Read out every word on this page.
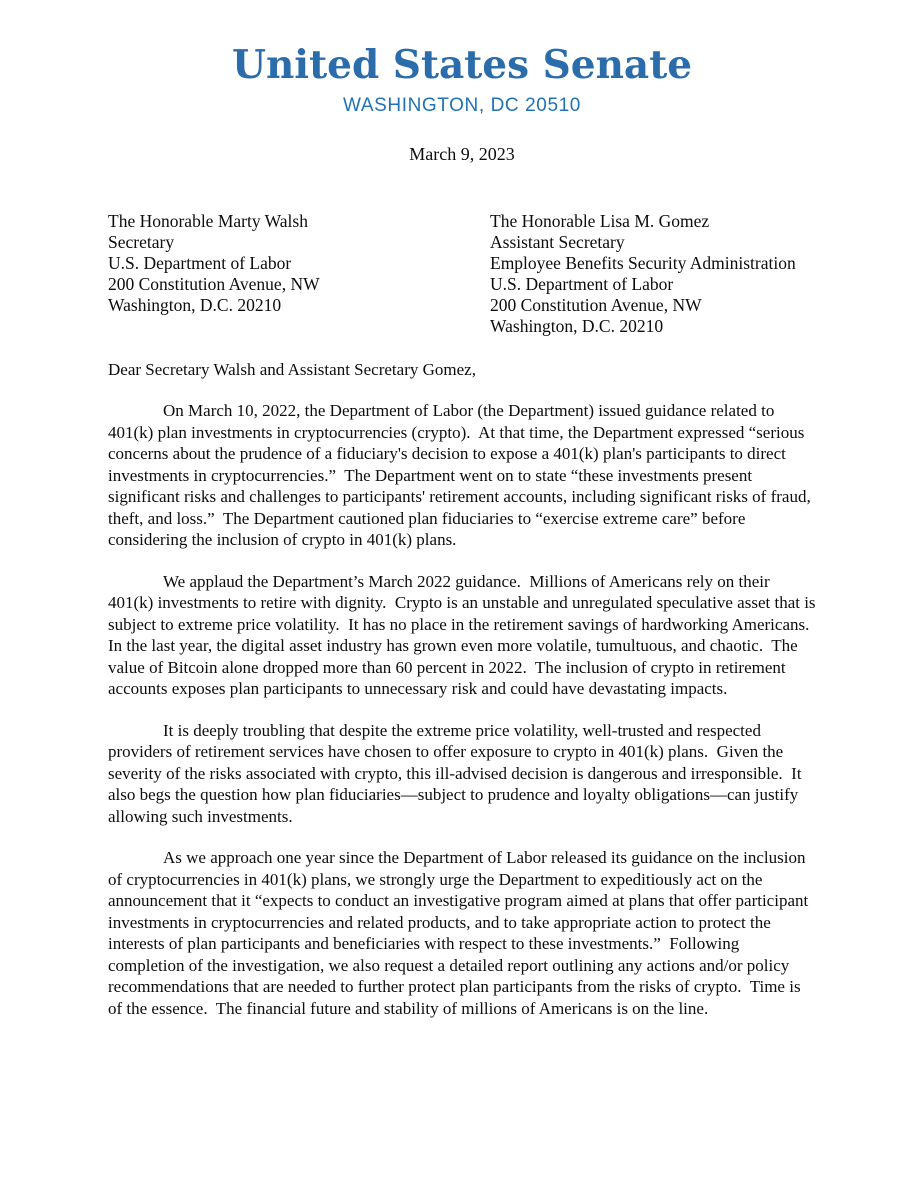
United States Senate
WASHINGTON, DC 20510
March 9, 2023
The Honorable Marty Walsh
Secretary
U.S. Department of Labor
200 Constitution Avenue, NW
Washington, D.C. 20210
The Honorable Lisa M. Gomez
Assistant Secretary
Employee Benefits Security Administration
U.S. Department of Labor
200 Constitution Avenue, NW
Washington, D.C. 20210
Dear Secretary Walsh and Assistant Secretary Gomez,

On March 10, 2022, the Department of Labor (the Department) issued guidance related to 401(k) plan investments in cryptocurrencies (crypto).  At that time, the Department expressed “serious concerns about the prudence of a fiduciary's decision to expose a 401(k) plan's participants to direct investments in cryptocurrencies.”  The Department went on to state “these investments present significant risks and challenges to participants' retirement accounts, including significant risks of fraud, theft, and loss.”  The Department cautioned plan fiduciaries to “exercise extreme care” before considering the inclusion of crypto in 401(k) plans.

We applaud the Department’s March 2022 guidance.  Millions of Americans rely on their 401(k) investments to retire with dignity.  Crypto is an unstable and unregulated speculative asset that is subject to extreme price volatility.  It has no place in the retirement savings of hardworking Americans.  In the last year, the digital asset industry has grown even more volatile, tumultuous, and chaotic.  The value of Bitcoin alone dropped more than 60 percent in 2022.  The inclusion of crypto in retirement accounts exposes plan participants to unnecessary risk and could have devastating impacts.

It is deeply troubling that despite the extreme price volatility, well-trusted and respected providers of retirement services have chosen to offer exposure to crypto in 401(k) plans.  Given the severity of the risks associated with crypto, this ill-advised decision is dangerous and irresponsible.  It also begs the question how plan fiduciaries—subject to prudence and loyalty obligations—can justify allowing such investments.

As we approach one year since the Department of Labor released its guidance on the inclusion of cryptocurrencies in 401(k) plans, we strongly urge the Department to expeditiously act on the announcement that it “expects to conduct an investigative program aimed at plans that offer participant investments in cryptocurrencies and related products, and to take appropriate action to protect the interests of plan participants and beneficiaries with respect to these investments.”  Following completion of the investigation, we also request a detailed report outlining any actions and/or policy recommendations that are needed to further protect plan participants from the risks of crypto.  Time is of the essence.  The financial future and stability of millions of Americans is on the line.
